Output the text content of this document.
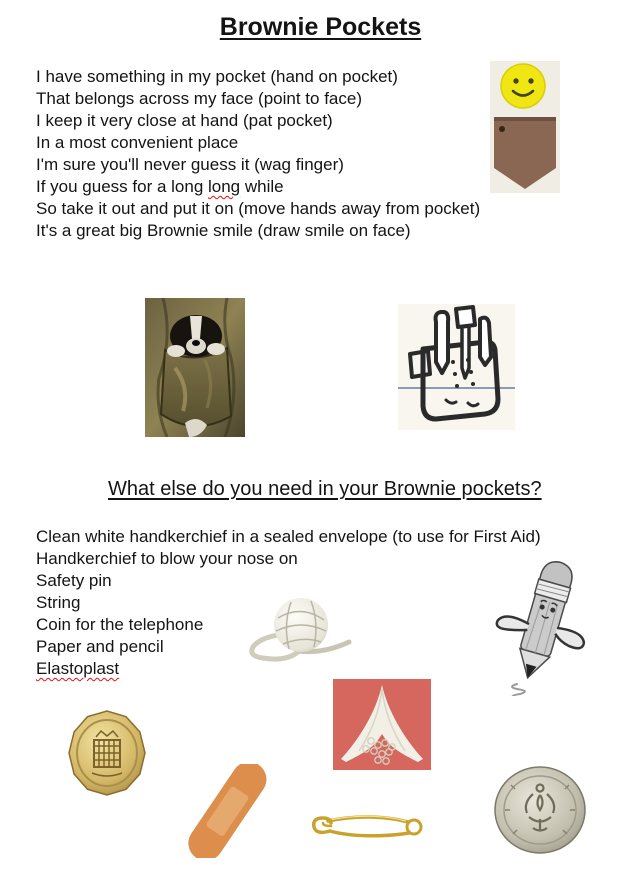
Brownie Pockets
I have something in my pocket (hand on pocket)
That belongs across my face (point to face)
I keep it very close at hand (pat pocket)
In a most convenient place
I'm sure you'll never guess it (wag finger)
If you guess for a long long while
So take it out and put it on (move hands away from pocket)
It's a great big Brownie smile (draw smile on face)
What else do you need in your Brownie pockets?
Clean white handkerchief in a sealed envelope (to use for First Aid)
Handkerchief to blow your nose on
Safety pin
String
Coin for the telephone
Paper and pencil
Elastoplast
